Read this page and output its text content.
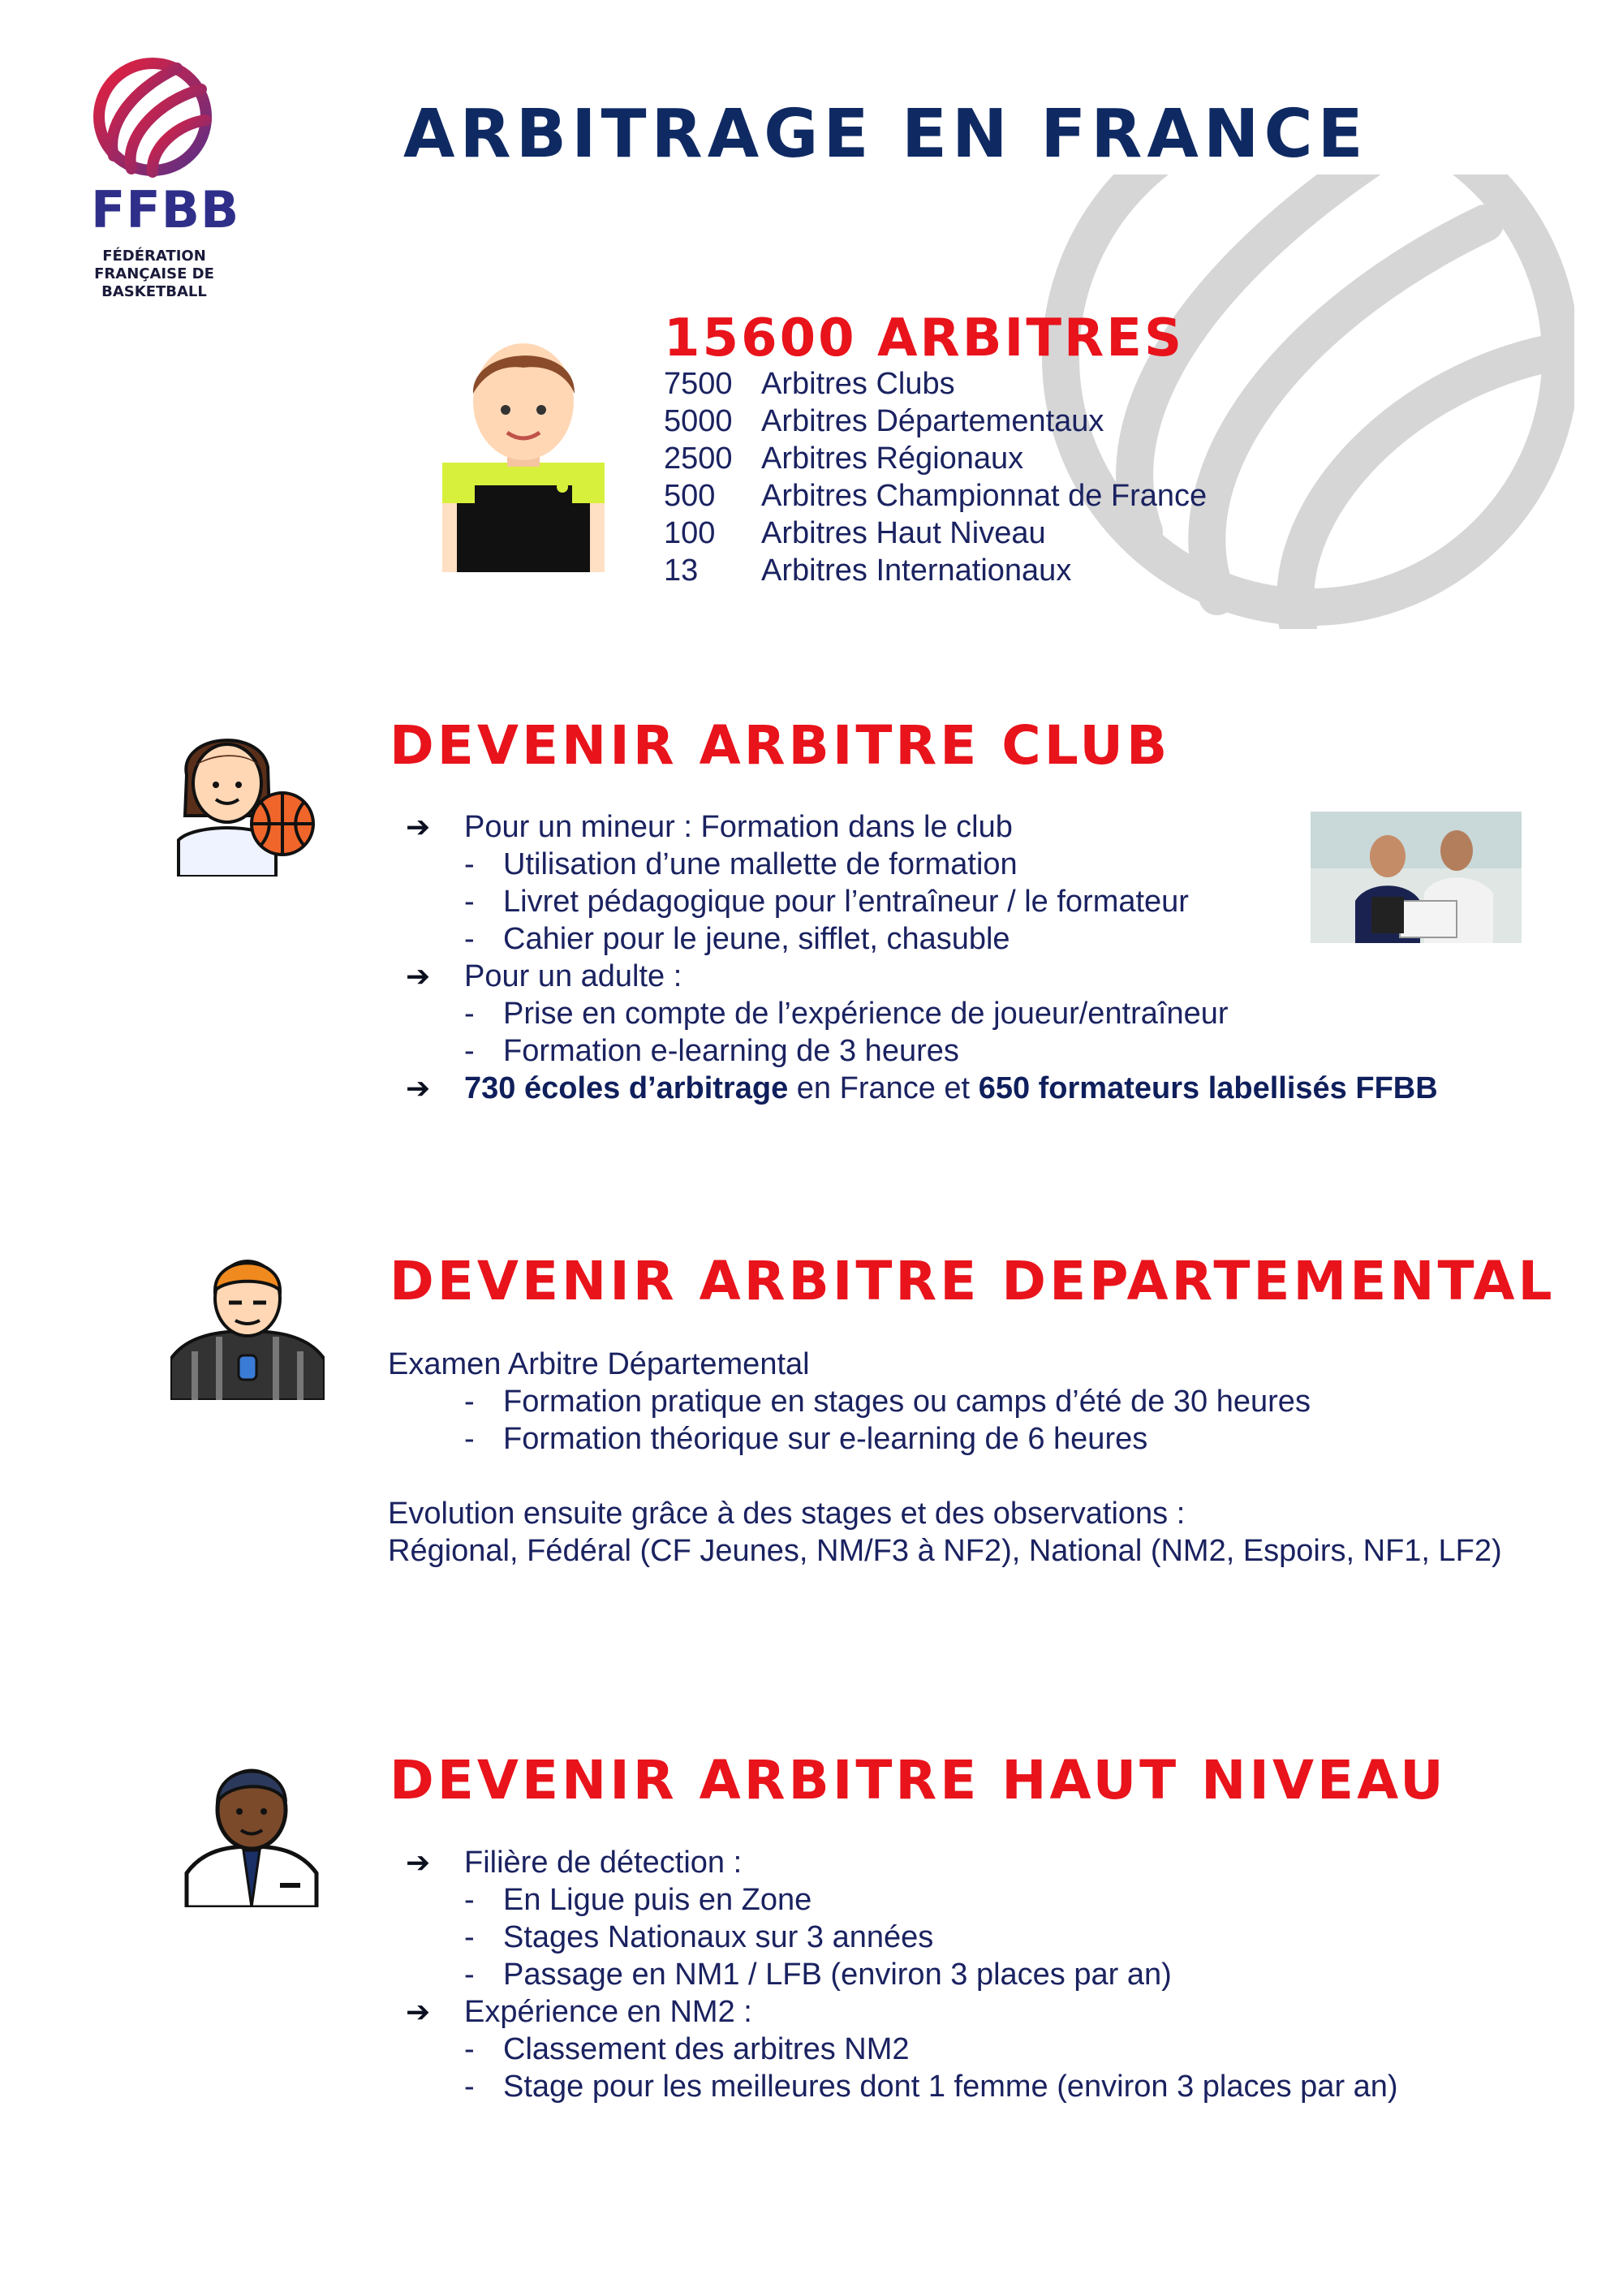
FFBB
FÉDÉRATION
FRANÇAISE DE
BASKETBALL
ARBITRAGE EN FRANCE
15600 ARBITRES
7500 Arbitres Clubs
5000 Arbitres Départementaux
2500 Arbitres Régionaux
500 Arbitres Championnat de France
100 Arbitres Haut Niveau
13 Arbitres Internationaux
DEVENIR ARBITRE CLUB
➔ Pour un mineur : Formation dans le club
- Utilisation d’une mallette de formation
- Livret pédagogique pour l’entraîneur / le formateur
- Cahier pour le jeune, sifflet, chasuble
➔ Pour un adulte :
- Prise en compte de l’expérience de joueur/entraîneur
- Formation e-learning de 3 heures
➔ 730 écoles d’arbitrage en France et 650 formateurs labellisés FFBB
DEVENIR ARBITRE DEPARTEMENTAL
Examen Arbitre Départemental
- Formation pratique en stages ou camps d’été de 30 heures
- Formation théorique sur e-learning de 6 heures
Evolution ensuite grâce à des stages et des observations :
Régional, Fédéral (CF Jeunes, NM/F3 à NF2), National (NM2, Espoirs, NF1, LF2)
DEVENIR ARBITRE HAUT NIVEAU
➔ Filière de détection :
- En Ligue puis en Zone
- Stages Nationaux sur 3 années
- Passage en NM1 / LFB (environ 3 places par an)
➔ Expérience en NM2 :
- Classement des arbitres NM2
- Stage pour les meilleures dont 1 femme (environ 3 places par an)
